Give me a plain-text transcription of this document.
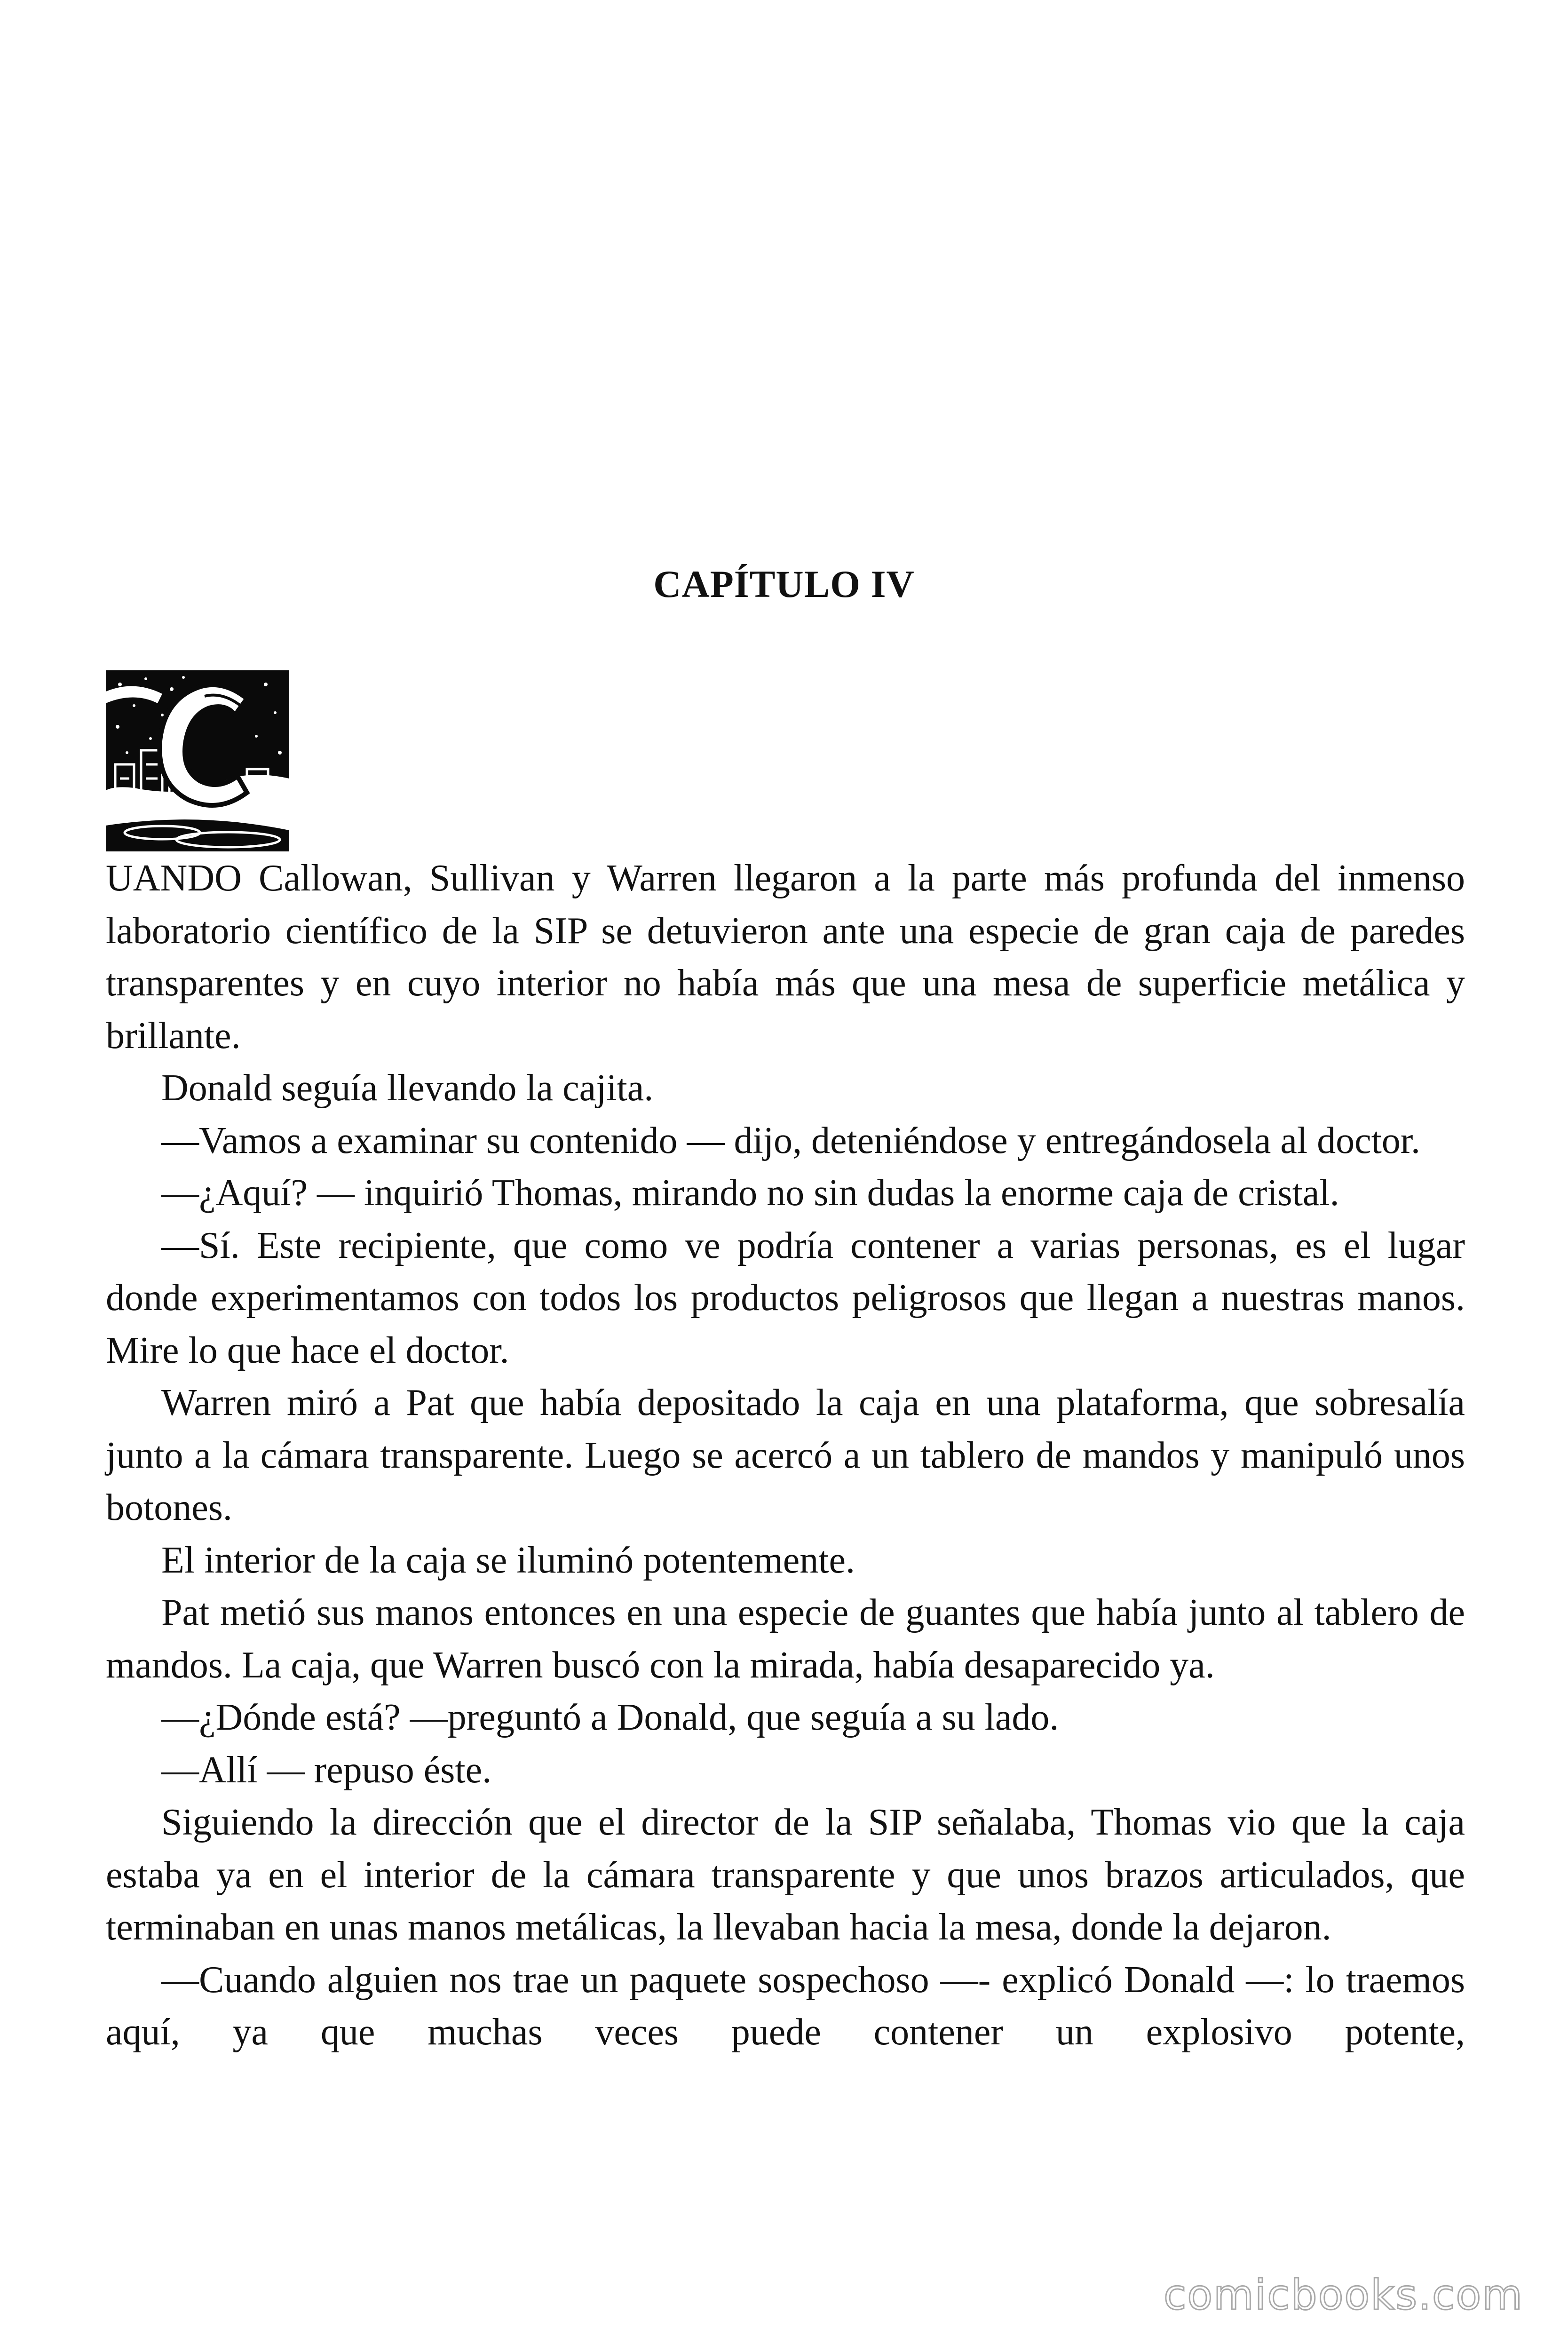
CAPÍTULO IV

UANDO Callowan, Sullivan y Warren llegaron a la parte más profunda del inmenso laboratorio científico de la SIP se detuvieron ante una especie de gran caja de paredes transparentes y en cuyo interior no había más que una mesa de superficie metálica y brillante.

Donald seguía llevando la cajita.

—Vamos a examinar su contenido — dijo, deteniéndose y entregándosela al doctor.

—¿Aquí? — inquirió Thomas, mirando no sin dudas la enorme caja de cristal.

—Sí. Este recipiente, que como ve podría contener a varias personas, es el lugar donde experimentamos con todos los productos peligrosos que llegan a nuestras manos. Mire lo que hace el doctor.

Warren miró a Pat que había depositado la caja en una plataforma, que sobresalía junto a la cámara transparente. Luego se acercó a un tablero de mandos y manipuló unos botones.

El interior de la caja se iluminó potentemente.

Pat metió sus manos entonces en una especie de guantes que había junto al tablero de mandos. La caja, que Warren buscó con la mirada, había desaparecido ya.

—¿Dónde está? —preguntó a Donald, que seguía a su lado.

—Allí — repuso éste.

Siguiendo la dirección que el director de la SIP señalaba, Thomas vio que la caja estaba ya en el interior de la cámara transparente y que unos brazos articulados, que terminaban en unas manos metálicas, la llevaban hacia la mesa, donde la dejaron.

—Cuando alguien nos trae un paquete sospechoso —- explicó Donald —: lo traemos aquí, ya que muchas veces puede contener un explosivo potente,

comicbooks.com
